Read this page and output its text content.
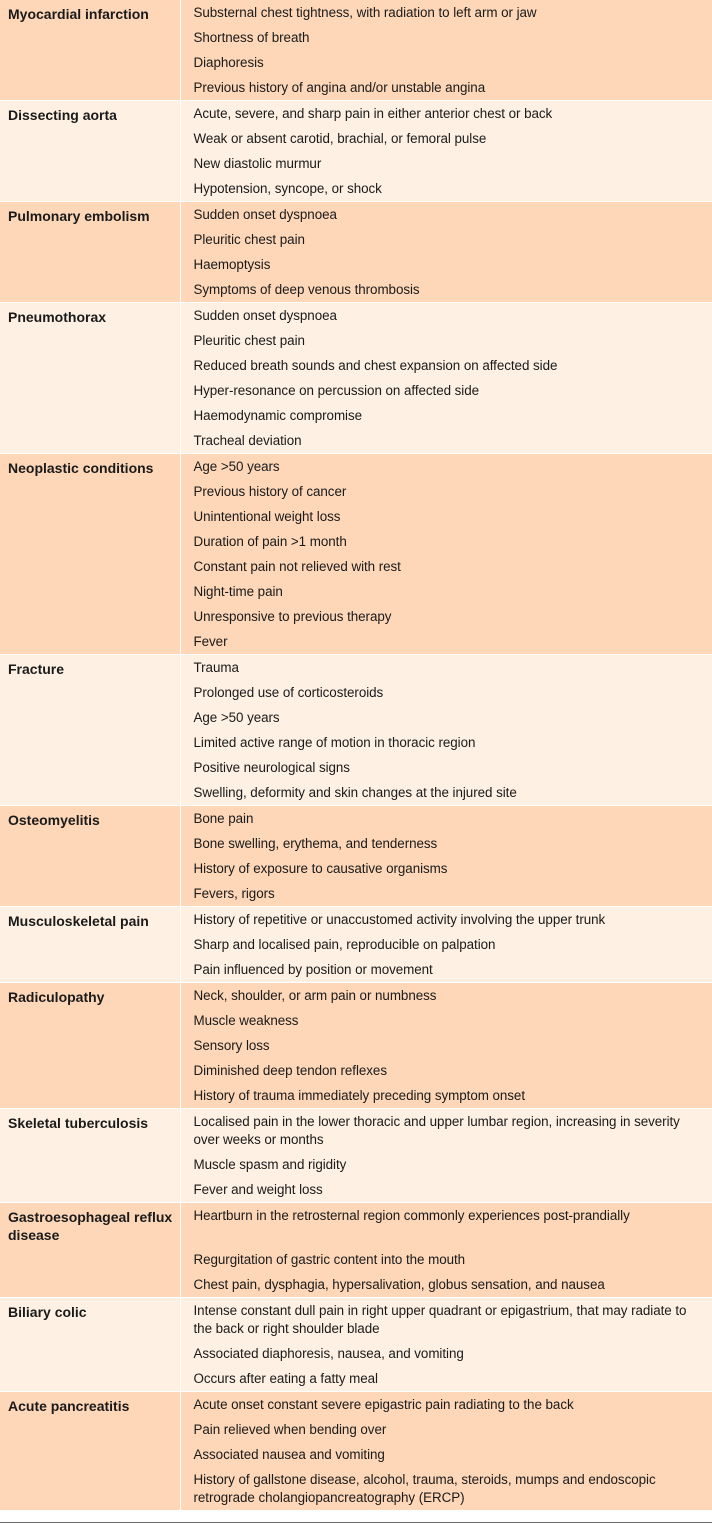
Myocardial infarction	Substernal chest tightness, with radiation to left arm or jaw
	Shortness of breath
	Diaphoresis
	Previous history of angina and/or unstable angina
Dissecting aorta	Acute, severe, and sharp pain in either anterior chest or back
	Weak or absent carotid, brachial, or femoral pulse
	New diastolic murmur
	Hypotension, syncope, or shock
Pulmonary embolism	Sudden onset dyspnoea
	Pleuritic chest pain
	Haemoptysis
	Symptoms of deep venous thrombosis
Pneumothorax	Sudden onset dyspnoea
	Pleuritic chest pain
	Reduced breath sounds and chest expansion on affected side
	Hyper-resonance on percussion on affected side
	Haemodynamic compromise
	Tracheal deviation
Neoplastic conditions	Age >50 years
	Previous history of cancer
	Unintentional weight loss
	Duration of pain >1 month
	Constant pain not relieved with rest
	Night-time pain
	Unresponsive to previous therapy
	Fever
Fracture	Trauma
	Prolonged use of corticosteroids
	Age >50 years
	Limited active range of motion in thoracic region
	Positive neurological signs
	Swelling, deformity and skin changes at the injured site
Osteomyelitis	Bone pain
	Bone swelling, erythema, and tenderness
	History of exposure to causative organisms
	Fevers, rigors
Musculoskeletal pain	History of repetitive or unaccustomed activity involving the upper trunk
	Sharp and localised pain, reproducible on palpation
	Pain influenced by position or movement
Radiculopathy	Neck, shoulder, or arm pain or numbness
	Muscle weakness
	Sensory loss
	Diminished deep tendon reflexes
	History of trauma immediately preceding symptom onset
Skeletal tuberculosis	Localised pain in the lower thoracic and upper lumbar region, increasing in severity over weeks or months
	Muscle spasm and rigidity
	Fever and weight loss
Gastroesophageal reflux disease	Heartburn in the retrosternal region commonly experiences post-prandially
	Regurgitation of gastric content into the mouth
	Chest pain, dysphagia, hypersalivation, globus sensation, and nausea
Biliary colic	Intense constant dull pain in right upper quadrant or epigastrium, that may radiate to the back or right shoulder blade
	Associated diaphoresis, nausea, and vomiting
	Occurs after eating a fatty meal
Acute pancreatitis	Acute onset constant severe epigastric pain radiating to the back
	Pain relieved when bending over
	Associated nausea and vomiting
	History of gallstone disease, alcohol, trauma, steroids, mumps and endoscopic retrograde cholangiopancreatography (ERCP)
